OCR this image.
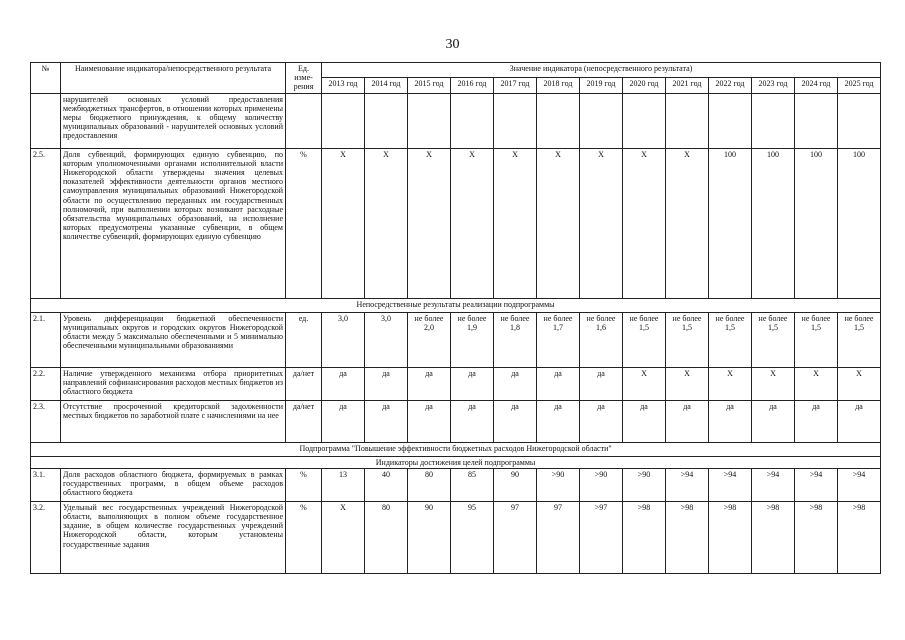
30
№	Наименование индикатора/непосредственного результата	Ед. изме-рения	Значение индикатора (непосредственного результата)												
			2013 год	2014 год	2015 год	2016 год	2017 год	2018 год	2019 год	2020 год	2021 год	2022 год	2023 год	2024 год	2025 год
	нарушителей основных условий предоставления межбюджетных трансфертов, в отношении которых применены меры бюджетного принуждения, к общему количеству муниципальных образований - нарушителей основных условий предоставления														
2.5.	Доля субвенций, формирующих единую субвенцию, по которым уполномоченными органами исполнительной власти Нижегородской области утверждены значения целевых показателей эффективности деятельности органов местного самоуправления муниципальных образований Нижегородской области по осуществлению переданных им государственных полномочий, при выполнении которых возникают расходные обязательства муниципальных образований, на исполнение которых предусмотрены указанные субвенции, в общем количестве субвенций, формирующих единую субвенцию	%	Х	Х	Х	Х	Х	Х	Х	Х	Х	100	100	100	100
Непосредственные результаты реализации подпрограммы															
2.1.	Уровень дифференциации бюджетной обеспеченности муниципальных округов и городских округов Нижегородской области между 5 максимально обеспеченными и 5 минимально обеспеченными муниципальными образованиями	ед.	3,0	3,0	не более 2,0	не более 1,9	не более 1,8	не более 1,7	не более 1,6	не более 1,5	не более 1,5	не более 1,5	не более 1,5	не более 1,5	не более 1,5
2.2.	Наличие утвержденного механизма отбора приоритетных направлений софинансирования расходов местных бюджетов из областного бюджета	да/нет	да	да	да	да	да	да	да	Х	Х	Х	Х	Х	Х
2.3.	Отсутствие просроченной кредиторской задолженности местных бюджетов по заработной плате с начислениями на нее	да/нет	да	да	да	да	да	да	да	да	да	да	да	да	да
Подпрограмма "Повышение эффективности бюджетных расходов Нижегородской области"															
Индикаторы достижения целей подпрограммы															
3.1.	Доля расходов областного бюджета, формируемых в рамках государственных программ, в общем объеме расходов областного бюджета	%	13	40	80	85	90	>90	>90	>90	>94	>94	>94	>94	>94
3.2.	Удельный вес государственных учреждений Нижегородской области, выполняющих в полном объеме государственное задание, в общем количестве государственных учреждений Нижегородской области, которым установлены государственные задания	%	Х	80	90	95	97	97	>97	>98	>98	>98	>98	>98	>98
